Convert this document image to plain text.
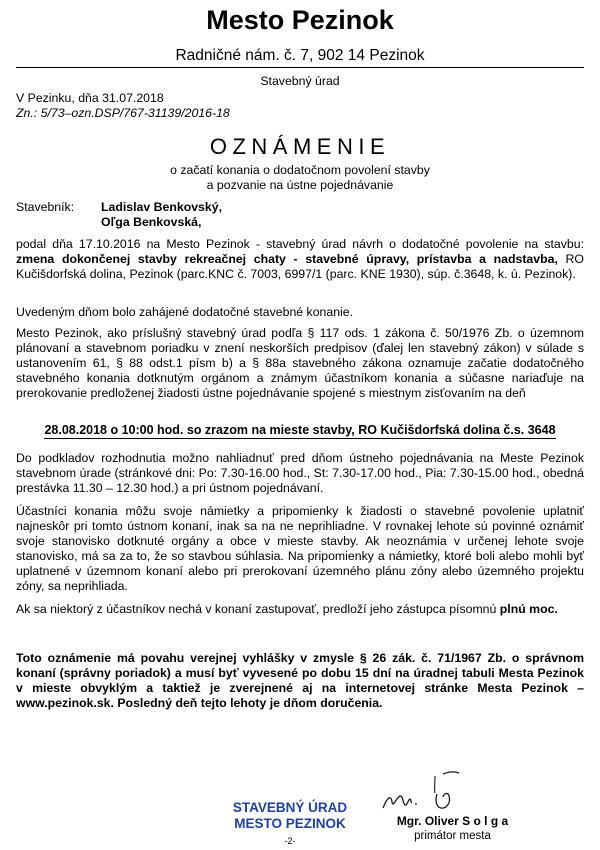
Mesto Pezinok
Radničné nám. č. 7, 902 14 Pezinok
Stavebný úrad
V Pezinku, dňa 31.07.2018
Zn.: 5/73–ozn.DSP/767-31139/2016-18
OZNÁMENIE
o začatí konania o dodatočnom povolení stavby
a pozvanie na ústne pojednávanie
Stavebník: Ladislav Benkovský,
Oľga Benkovská,
podal dňa 17.10.2016 na Mesto Pezinok - stavebný úrad návrh o dodatočné povolenie na stavbu: zmena dokončenej stavby rekreačnej chaty - stavebné úpravy, prístavba a nadstavba, RO Kučišdorfská dolina, Pezinok (parc.KNC č. 7003, 6997/1 (parc. KNE 1930), súp. č.3648, k. ú. Pezinok).
Uvedeným dňom bolo zahájené dodatočné stavebné konanie.
Mesto Pezinok, ako príslušný stavebný úrad podľa § 117 ods. 1 zákona č. 50/1976 Zb. o územnom plánovaní a stavebnom poriadku v znení neskorších predpisov (ďalej len stavebný zákon) v súlade s ustanovením 61, § 88 odst.1 písm b) a § 88a stavebného zákona oznamuje začatie dodatočného stavebného konania dotknutým orgánom a známym účastníkom konania a súčasne nariaďuje na prerokovanie predloženej žiadosti ústne pojednávanie spojené s miestnym zisťovaním na deň
28.08.2018 o 10:00 hod. so zrazom na mieste stavby, RO Kučišdorfská dolina č.s. 3648
Do podkladov rozhodnutia možno nahliadnuť pred dňom ústneho pojednávania na Meste Pezinok stavebnom úrade (stránkové dni: Po: 7.30-16.00 hod., St: 7.30-17.00 hod., Pia: 7.30-15.00 hod., obedná prestávka 11.30 – 12.30 hod.) a pri ústnom pojednávaní.
Účastníci konania môžu svoje námietky a pripomienky k žiadosti o stavebné povolenie uplatniť najneskôr pri tomto ústnom konaní, inak sa na ne neprihliadne. V rovnakej lehote sú povinné oznámiť svoje stanovisko dotknuté orgány a obce v mieste stavby. Ak neoznámia v určenej lehote svoje stanovisko, má sa za to, že so stavbou súhlasia. Na pripomienky a námietky, ktoré boli alebo mohli byť uplatnené v územnom konaní alebo pri prerokovaní územného plánu zóny alebo územného projektu zóny, sa neprihliada.
Ak sa niektorý z účastníkov nechá v konaní zastupovať, predloží jeho zástupca písomnú plnú moc.
Toto oznámenie má povahu verejnej vyhlášky v zmysle § 26 zák. č. 71/1967 Zb. o správnom konaní (správny poriadok) a musí byť vyvesené po dobu 15 dní na úradnej tabuli Mesta Pezinok v mieste obvyklým a taktiež je zverejnené aj na internetovej stránke Mesta Pezinok – www.pezinok.sk. Posledný deň tejto lehoty je dňom doručenia.
STAVEBNÝ ÚRAD
MESTO PEZINOK
-2-
Mgr. Oliver S o l g a
primátor mesta
